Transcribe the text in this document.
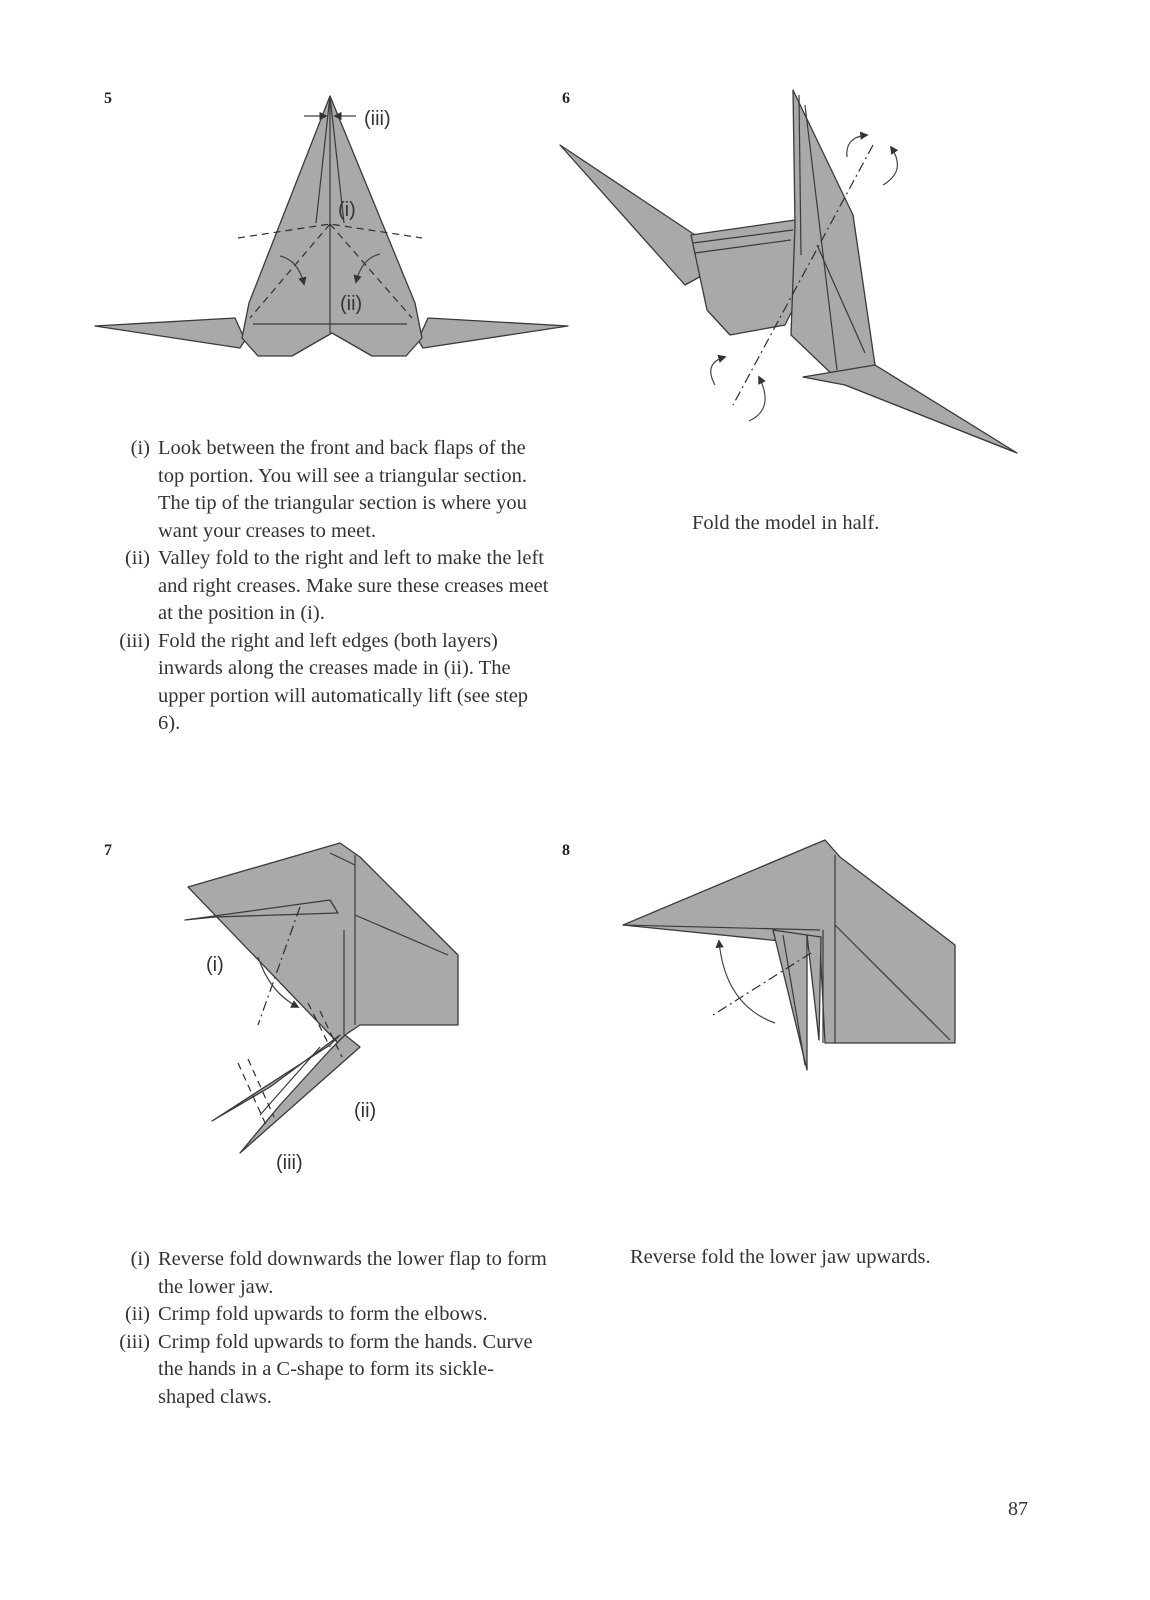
5
(iii)
(i)
(ii)
(i) Look between the front and back flaps of the top portion. You will see a triangular section. The tip of the triangular section is where you want your creases to meet.
(ii) Valley fold to the right and left to make the left and right creases. Make sure these creases meet at the position in (i).
(iii) Fold the right and left edges (both layers) inwards along the creases made in (ii). The upper portion will automatically lift (see step 6).
6
Fold the model in half.
7
(i)
(ii)
(iii)
(i) Reverse fold downwards the lower flap to form the lower jaw.
(ii) Crimp fold upwards to form the elbows.
(iii) Crimp fold upwards to form the hands. Curve the hands in a C-shape to form its sickle-shaped claws.
8
Reverse fold the lower jaw upwards.
87
